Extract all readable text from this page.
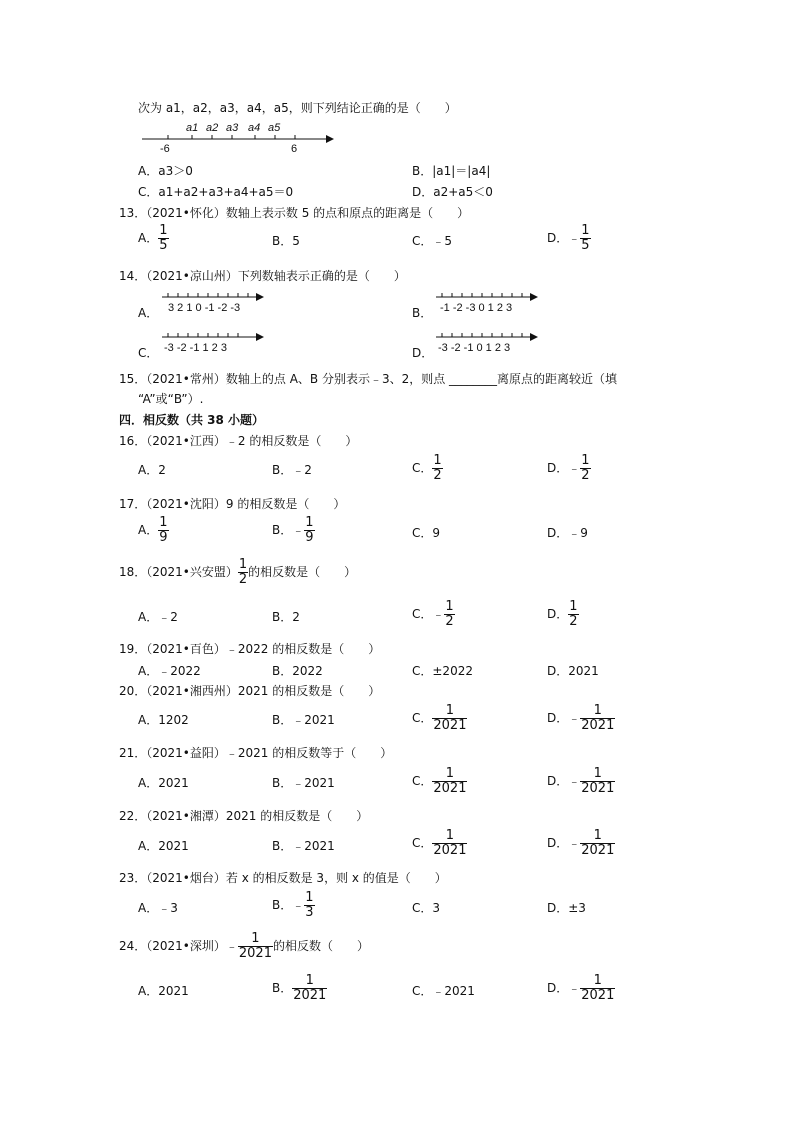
次为 a1，a2，a3，a4，a5，则下列结论正确的是（　　）
a1 a2 a3 a4 a5
-6	6
A．a3＞0	B．|a1|＝|a4|
C．a1+a2+a3+a4+a5＝0	D．a2+a5＜0
13．（2021•怀化）数轴上表示数 5 的点和原点的距离是（　　）
A． $\frac{1}{5}$	B．5	C．﹣5	D．﹣ $\frac{1}{5}$
14．（2021•凉山州）下列数轴表示正确的是（　　）
A． 3 2 1 0 -1 -2 -3	B． -1 -2 -3 0 1 2 3
C． -3 -2 -1 1 2 3	D． -3 -2 -1 0 1 2 3
15．（2021•常州）数轴上的点 A、B 分别表示﹣3、2，则点 ________离原点的距离较近（填
“A”或“B”）.
四．相反数（共 38 小题）
16．（2021•江西）﹣2 的相反数是（　　）
A．2	B．﹣2	C． $\frac{1}{2}$	D．﹣ $\frac{1}{2}$
17．（2021•沈阳）9 的相反数是（　　）
A． $\frac{1}{9}$	B．﹣ $\frac{1}{9}$	C．9	D．﹣9
18．（2021•兴安盟） $\frac{1}{2}$ 的相反数是（　　）
A．﹣2	B．2	C．﹣ $\frac{1}{2}$	D． $\frac{1}{2}$
19．（2021•百色）﹣2022 的相反数是（　　）
A．﹣2022	B．2022	C．±2022	D．2021
20．（2021•湘西州）2021 的相反数是（　　）
A．1202	B．﹣2021	C． $\frac{1}{2021}$	D．﹣ $\frac{1}{2021}$
21．（2021•益阳）﹣2021 的相反数等于（　　）
A．2021	B．﹣2021	C． $\frac{1}{2021}$	D．﹣ $\frac{1}{2021}$
22．（2021•湘潭）2021 的相反数是（　　）
A．2021	B．﹣2021	C． $\frac{1}{2021}$	D．﹣ $\frac{1}{2021}$
23．（2021•烟台）若 x 的相反数是 3，则 x 的值是（　　）
A．﹣3	B．﹣ $\frac{1}{3}$	C．3	D．±3
24．（2021•深圳）﹣ $\frac{1}{2021}$ 的相反数（　　）
A．2021	B． $\frac{1}{2021}$	C．﹣2021	D．﹣ $\frac{1}{2021}$
